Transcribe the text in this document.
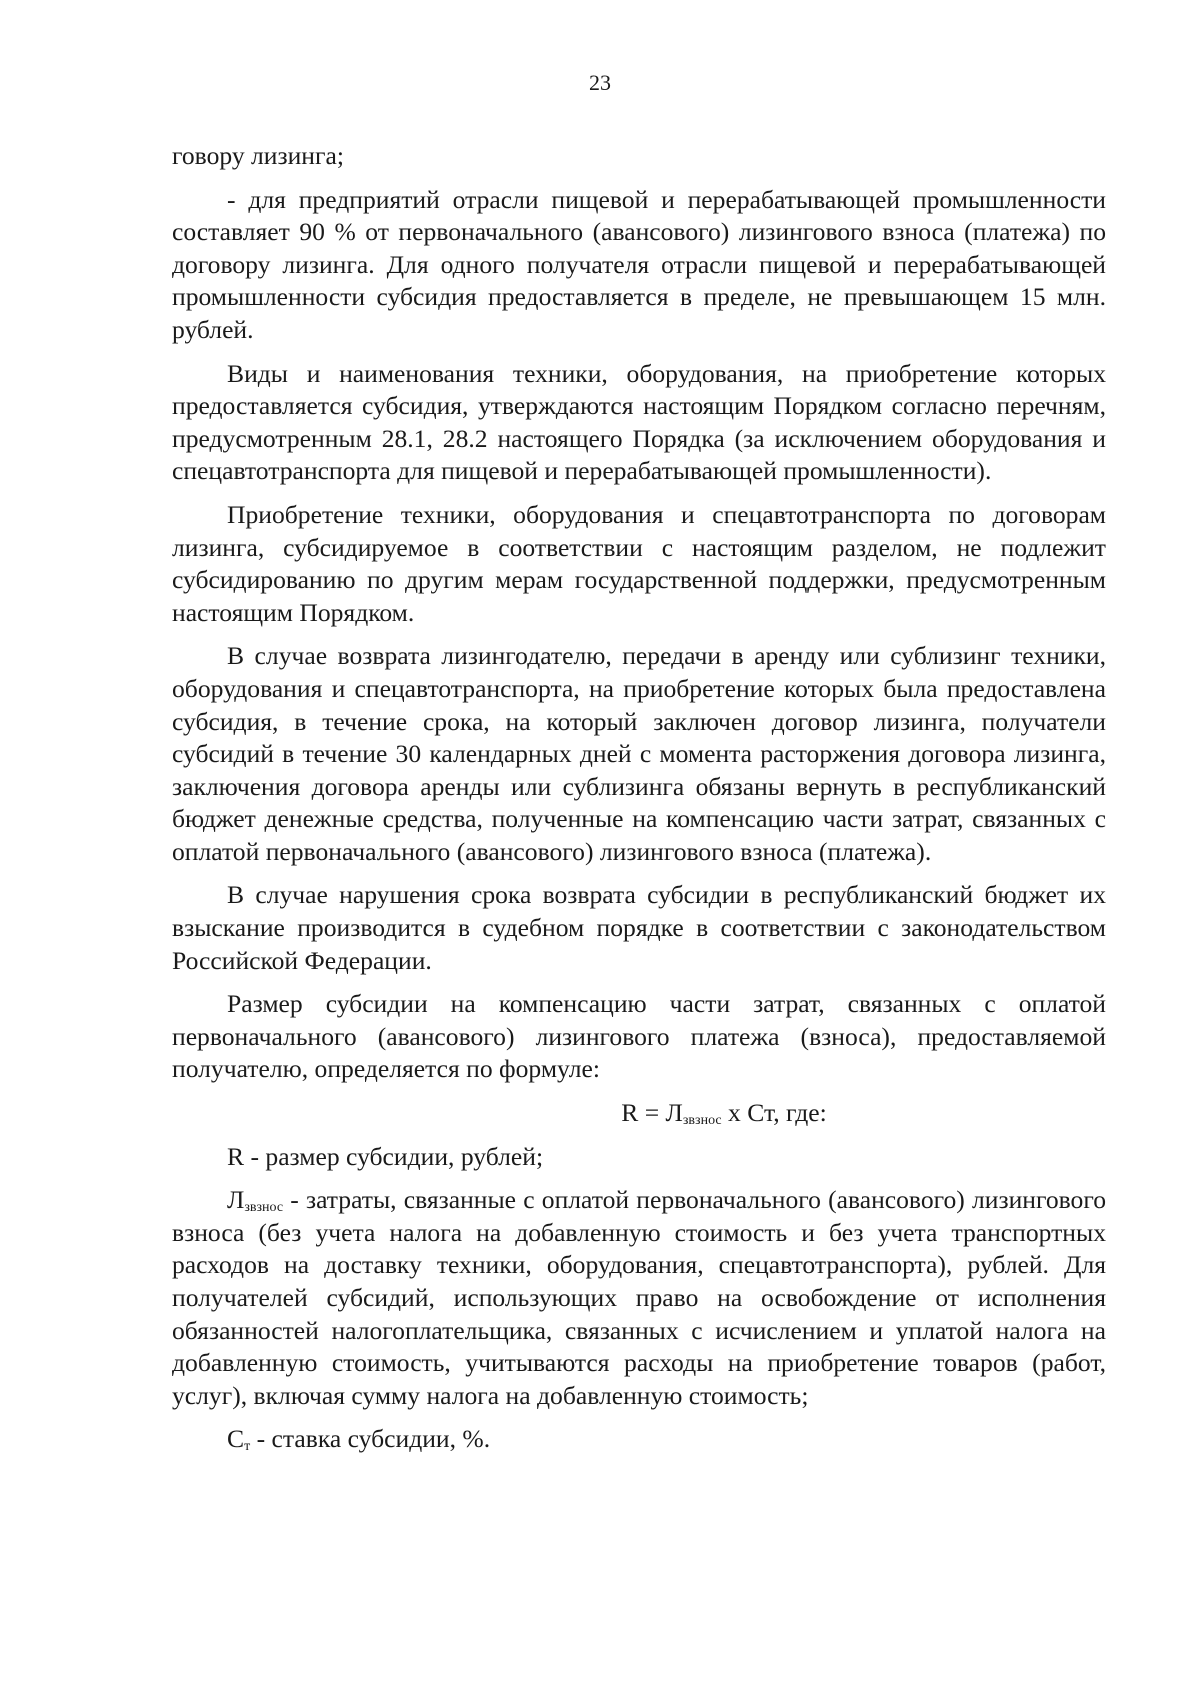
23

говору лизинга;

- для предприятий отрасли пищевой и перерабатывающей промышленности составляет 90 % от первоначального (авансового) лизингового взноса (платежа) по договору лизинга. Для одного получателя отрасли пищевой и перерабатывающей промышленности субсидия предоставляется в пределе, не превышающем 15 млн. рублей.

Виды и наименования техники, оборудования, на приобретение которых предоставляется субсидия, утверждаются настоящим Порядком согласно перечням, предусмотренным 28.1, 28.2 настоящего Порядка (за исключением оборудования и спецавтотранспорта для пищевой и перерабатывающей промышленности).

Приобретение техники, оборудования и спецавтотранспорта по договорам лизинга, субсидируемое в соответствии с настоящим разделом, не подлежит субсидированию по другим мерам государственной поддержки, предусмотренным настоящим Порядком.

В случае возврата лизингодателю, передачи в аренду или сублизинг техники, оборудования и спецавтотранспорта, на приобретение которых была предоставлена субсидия, в течение срока, на который заключен договор лизинга, получатели субсидий в течение 30 календарных дней с момента расторжения договора лизинга, заключения договора аренды или сублизинга обязаны вернуть в республиканский бюджет денежные средства, полученные на компенсацию части затрат, связанных с оплатой первоначального (авансового) лизингового взноса (платежа).

В случае нарушения срока возврата субсидии в республиканский бюджет их взыскание производится в судебном порядке в соответствии с законодательством Российской Федерации.

Размер субсидии на компенсацию части затрат, связанных с оплатой первоначального (авансового) лизингового платежа (взноса), предоставляемой получателю, определяется по формуле:

$R = Л_{звзнос}$ х Ст, где:

R - размер субсидии, рублей;

$Л_{звзнос}$ - затраты, связанные с оплатой первоначального (авансового) лизингового взноса (без учета налога на добавленную стоимость и без учета транспортных расходов на доставку техники, оборудования, спецавтотранспорта), рублей. Для получателей субсидий, использующих право на освобождение от исполнения обязанностей налогоплательщика, связанных с исчислением и уплатой налога на добавленную стоимость, учитываются расходы на приобретение товаров (работ, услуг), включая сумму налога на добавленную стоимость;

$С_т$ - ставка субсидии, %.
